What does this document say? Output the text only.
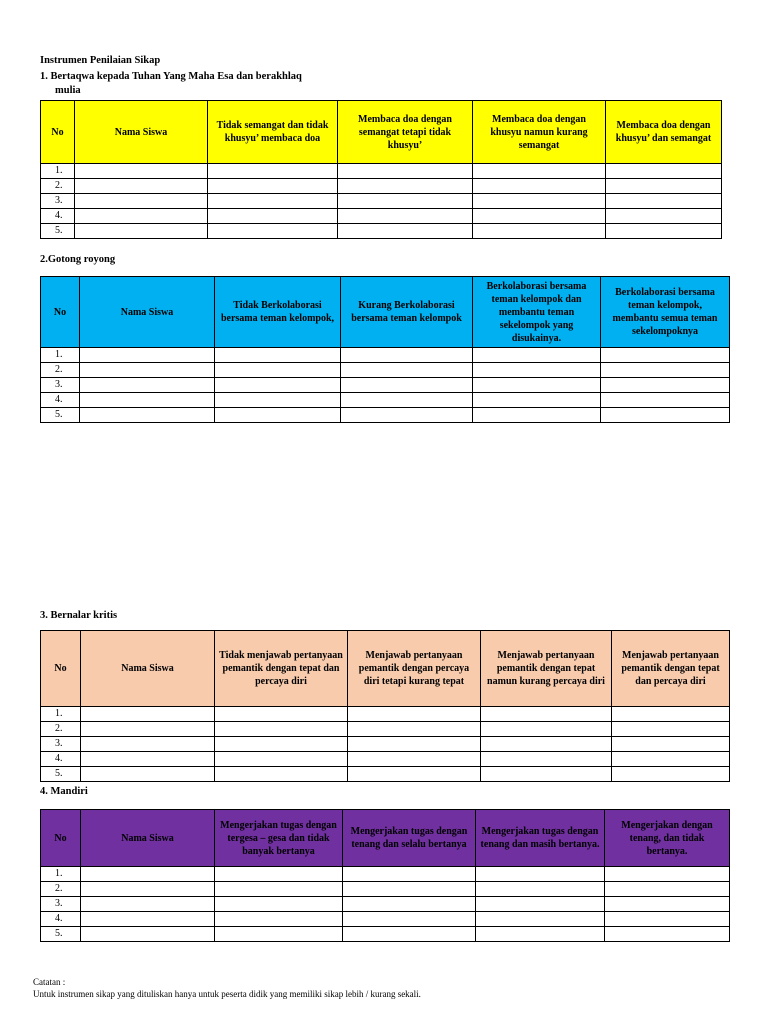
Instrumen Penilaian Sikap
1. Bertaqwa kepada Tuhan Yang Maha Esa dan berakhlaq
mulia
No	Nama Siswa	Tidak semangat dan tidak khusyu’ membaca doa	Membaca doa dengan semangat tetapi tidak khusyu’	Membaca doa dengan khusyu namun kurang semangat	Membaca doa dengan khusyu’ dan semangat
1.					
2.					
3.					
4.					
5.					
2.Gotong royong
No	Nama Siswa	Tidak Berkolaborasi bersama teman kelompok,	Kurang Berkolaborasi bersama teman kelompok	Berkolaborasi bersama teman kelompok dan membantu teman sekelompok yang disukainya.	Berkolaborasi bersama teman kelompok, membantu semua teman sekelompoknya
1.					
2.					
3.					
4.					
5.					
3. Bernalar kritis
No	Nama Siswa	Tidak menjawab pertanyaan pemantik dengan tepat dan percaya diri	Menjawab pertanyaan pemantik dengan percaya diri tetapi kurang tepat	Menjawab pertanyaan pemantik dengan tepat namun kurang percaya diri	Menjawab pertanyaan pemantik dengan tepat dan percaya diri
1.					
2.					
3.					
4.					
5.					
4. Mandiri
No	Nama Siswa	Mengerjakan tugas dengan tergesa – gesa dan tidak banyak bertanya	Mengerjakan tugas dengan tenang dan selalu bertanya	Mengerjakan tugas dengan tenang dan masih bertanya.	Mengerjakan dengan tenang, dan tidak bertanya.
1.					
2.					
3.					
4.					
5.					
Catatan :
Untuk instrumen sikap yang dituliskan hanya untuk peserta didik yang memiliki sikap lebih / kurang sekali.
